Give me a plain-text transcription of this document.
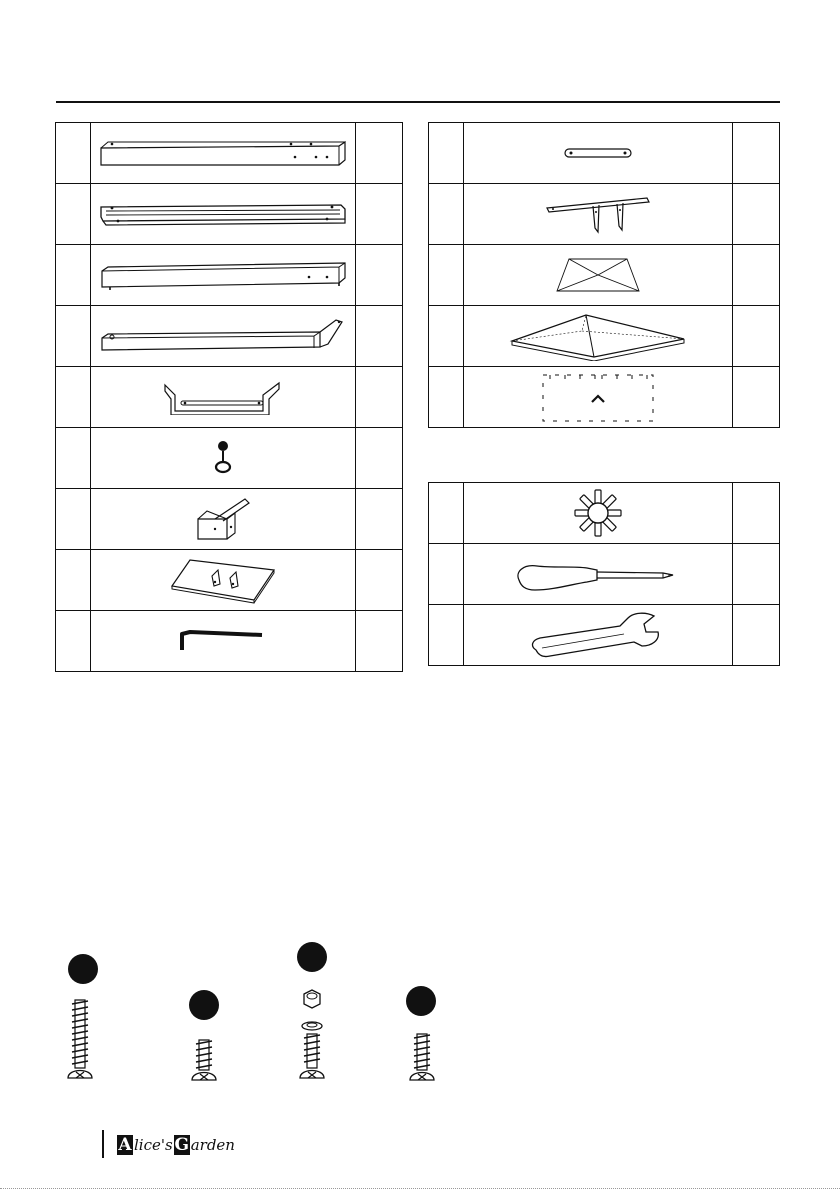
A lice's G arden
